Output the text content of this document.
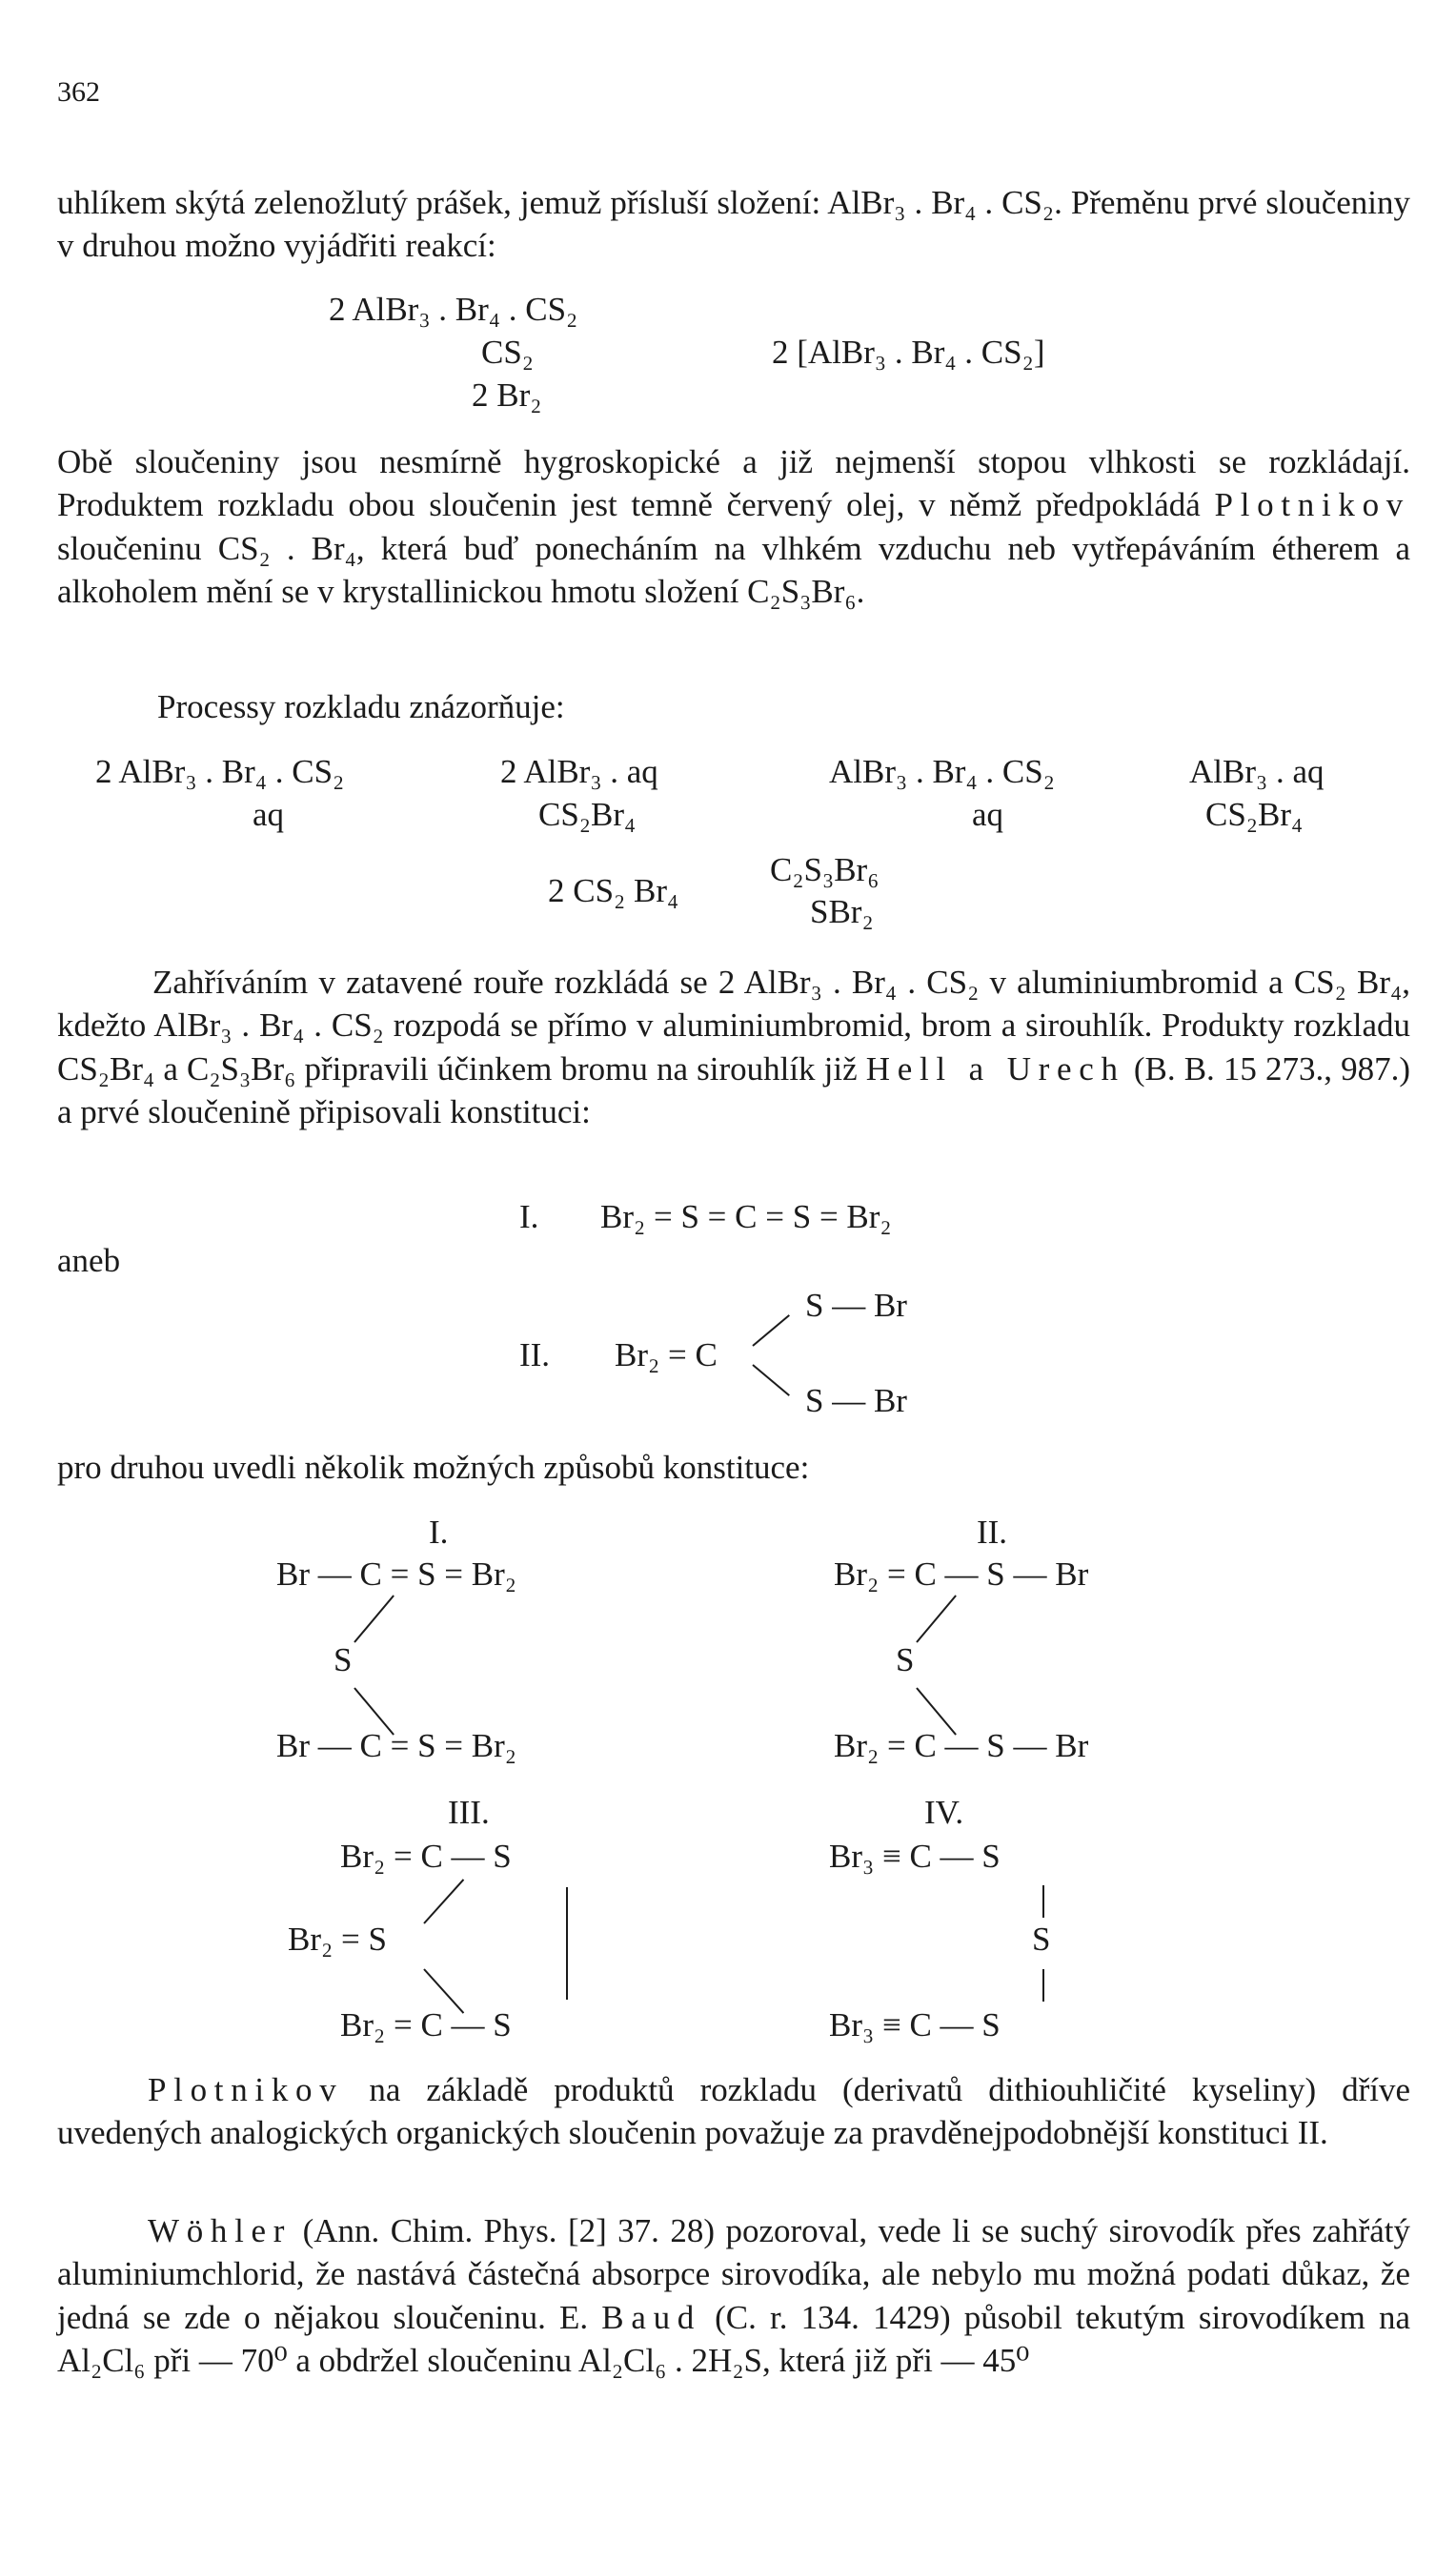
362
uhlíkem skýtá zelenožlutý prášek, jemuž přísluší složení: AlBr₃ . Br₄ . CS₂. Přeměnu prvé sloučeniny v druhou možno vyjádřiti reakcí:
2 AlBr₃ . Br₄ . CS₂
CS₂
2 Br₂
2 [AlBr₃ . Br₄ . CS₂]
Obě sloučeniny jsou nesmírně hygroskopické a již nejmenší stopou vlhkosti se rozkládají. Produktem rozkladu obou sloučenin jest temně červený olej, v němž předpokládá Plotnikov sloučeninu CS₂ . Br₄, která buď ponecháním na vlhkém vzduchu neb vytřepáváním étherem a alkoholem mění se v krystallinickou hmotu složení C₂S₃Br₆.
Processy rozkladu znázorňuje:
2 AlBr₃ . Br₄ . CS₂
aq
2 AlBr₃ . aq
CS₂Br₄
AlBr₃ . Br₄ . CS₂
aq
AlBr₃ . aq
CS₂Br₄
2 CS₂ Br₄
C₂S₃Br₆
SBr₂
Zahříváním v zatavené rouře rozkládá se 2 AlBr₃ . Br₄ . CS₂ v aluminiumbromid a CS₂ Br₄, kdežto AlBr₃ . Br₄ . CS₂ rozpodá se přímo v aluminiumbromid, brom a sirouhlík. Produkty rozkladu CS₂Br₄ a C₂S₃Br₆ připravili účinkem bromu na sirouhlík již Hell a Urech (B. B. 15 273., 987.) a prvé sloučenině připisovali konstituci:
I. Br₂ = S = C = S = Br₂
aneb
II. Br₂ = C
S — Br
S — Br
pro druhou uvedli několik možných způsobů konstituce:
I.
Br — C = S = Br₂
S
Br — C = S = Br₂
II.
Br₂ = C — S — Br
S
Br₂ = C — S — Br
III.
Br₂ = C — S
Br₂ = S
Br₂ = C — S
IV.
Br₃ ≡ C — S
S
Br₃ ≡ C — S
Plotnikov na základě produktů rozkladu (derivatů dithiouhličité kyseliny) dříve uvedených analogických organických sloučenin považuje za pravděnejpodobnější konstituci II.
Wöhler (Ann. Chim. Phys. [2] 37. 28) pozoroval, vede li se suchý sirovodík přes zahřátý aluminiumchlorid, že nastává částečná absorpce sirovodíka, ale nebylo mu možná podati důkaz, že jedná se zde o nějakou sloučeninu. E. Baud (C. r. 134. 1429) působil tekutým sirovodíkem na Al₂Cl₆ při — 70⁰ a obdržel sloučeninu Al₂Cl₆ . 2H₂S, která již při — 45⁰
